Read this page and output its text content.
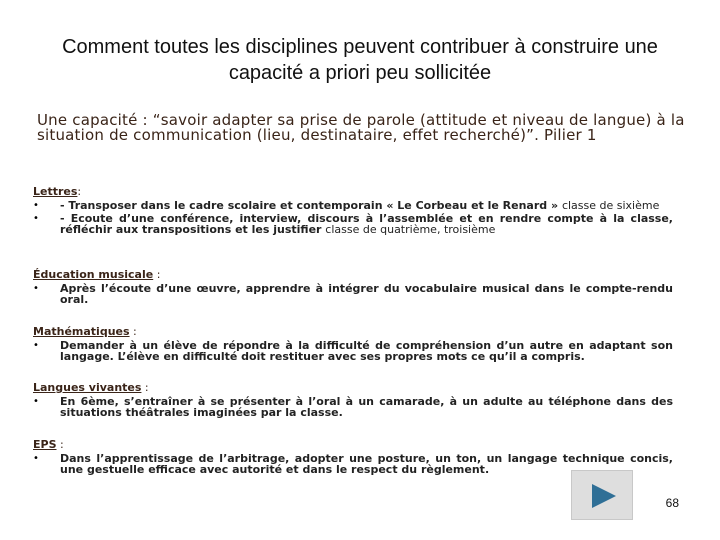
Comment toutes les disciplines peuvent contribuer à construire une capacité a priori peu sollicitée
Une capacité : “savoir adapter sa prise de parole (attitude et niveau de langue) à la situation de communication (lieu, destinataire, effet recherché)”. Pilier 1
Lettres:
• - Transposer dans le cadre scolaire et contemporain « Le Corbeau et le Renard » classe de sixième
• - Ecoute d’une conférence, interview, discours à l’assemblée et en rendre compte à la classe, réfléchir aux transpositions et les justifier classe de quatrième, troisième
Éducation musicale :
• Après l’écoute d’une œuvre, apprendre à intégrer du vocabulaire musical dans le compte-rendu oral.
Mathématiques :
• Demander à un élève de répondre à la difficulté de compréhension d’un autre en adaptant son langage. L’élève en difficulté doit restituer avec ses propres mots ce qu’il a compris.
Langues vivantes :
• En 6ème, s’entraîner à se présenter à l’oral à un camarade, à un adulte au téléphone dans des situations théâtrales imaginées par la classe.
EPS :
• Dans l’apprentissage de l’arbitrage, adopter une posture, un ton, un langage technique concis, une gestuelle efficace avec autorité et dans le respect du règlement.
68
